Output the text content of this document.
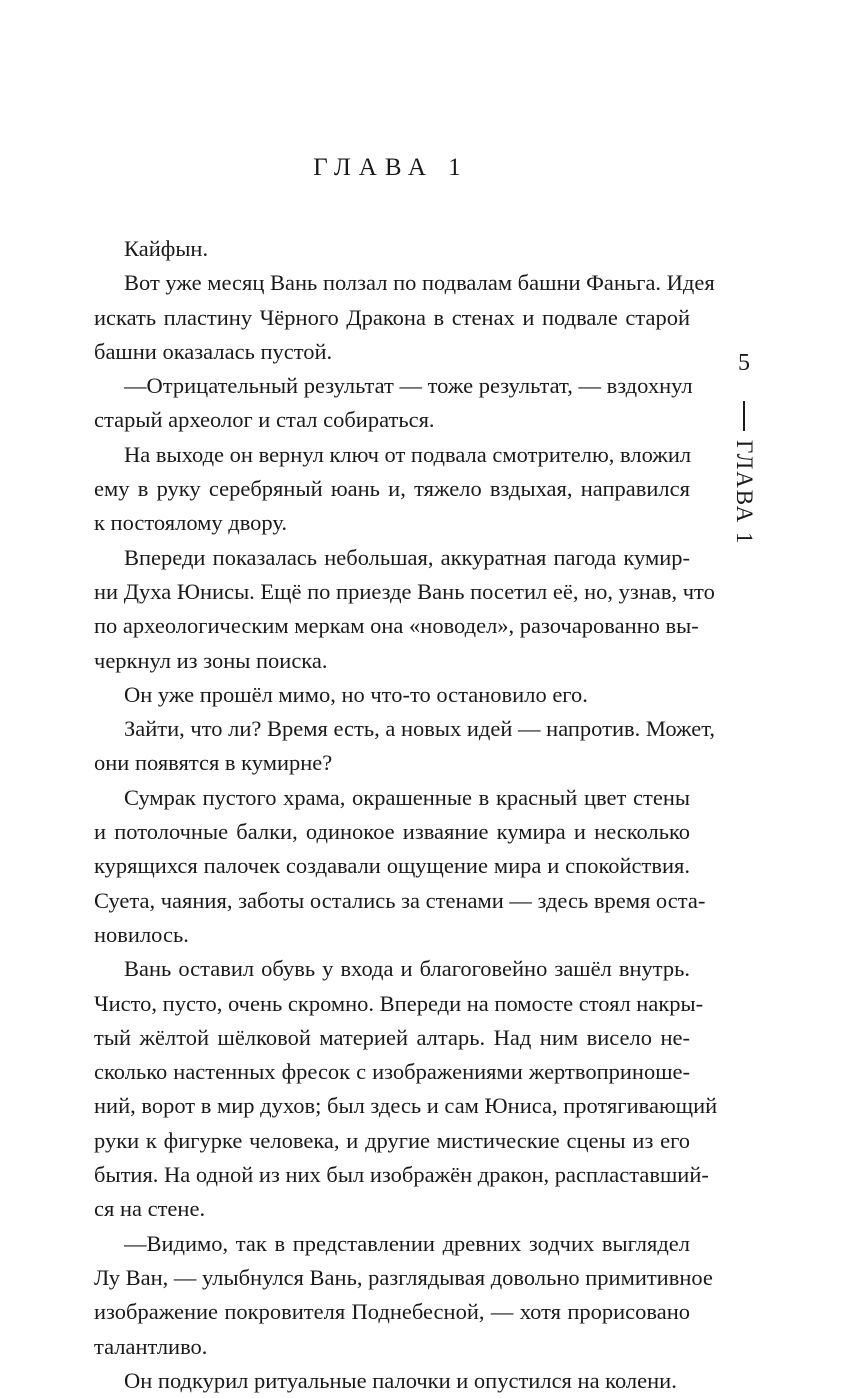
ГЛАВА 1
Кайфын.
Вот уже месяц Вань ползал по подвалам башни Фаньга. Идея
искать пластину Чёрного Дракона в стенах и подвале старой
башни оказалась пустой.
—Отрицательный результат — тоже результат, — вздохнул
старый археолог и стал собираться.
На выходе он вернул ключ от подвала смотрителю, вложил
ему в руку серебряный юань и, тяжело вздыхая, направился
к постоялому двору.
Впереди показалась небольшая, аккуратная пагода кумир-
ни Духа Юнисы. Ещё по приезде Вань посетил её, но, узнав, что
по археологическим меркам она «новодел», разочарованно вы-
черкнул из зоны поиска.
Он уже прошёл мимо, но что-то остановило его.
Зайти, что ли? Время есть, а новых идей — напротив. Может,
они появятся в кумирне?
Сумрак пустого храма, окрашенные в красный цвет стены
и потолочные балки, одинокое изваяние кумира и несколько
курящихся палочек создавали ощущение мира и спокойствия.
Суета, чаяния, заботы остались за стенами — здесь время оста-
новилось.
Вань оставил обувь у входа и благоговейно зашёл внутрь.
Чисто, пусто, очень скромно. Впереди на помосте стоял накры-
тый жёлтой шёлковой материей алтарь. Над ним висело не-
сколько настенных фресок с изображениями жертвоприноше-
ний, ворот в мир духов; был здесь и сам Юниса, протягивающий
руки к фигурке человека, и другие мистические сцены из его
бытия. На одной из них был изображён дракон, распластавший-
ся на стене.
—Видимо, так в представлении древних зодчих выглядел
Лу Ван, — улыбнулся Вань, разглядывая довольно примитивное
изображение покровителя Поднебесной, — хотя прорисовано
талантливо.
Он подкурил ритуальные палочки и опустился на колени.
5
ГЛАВА 1
